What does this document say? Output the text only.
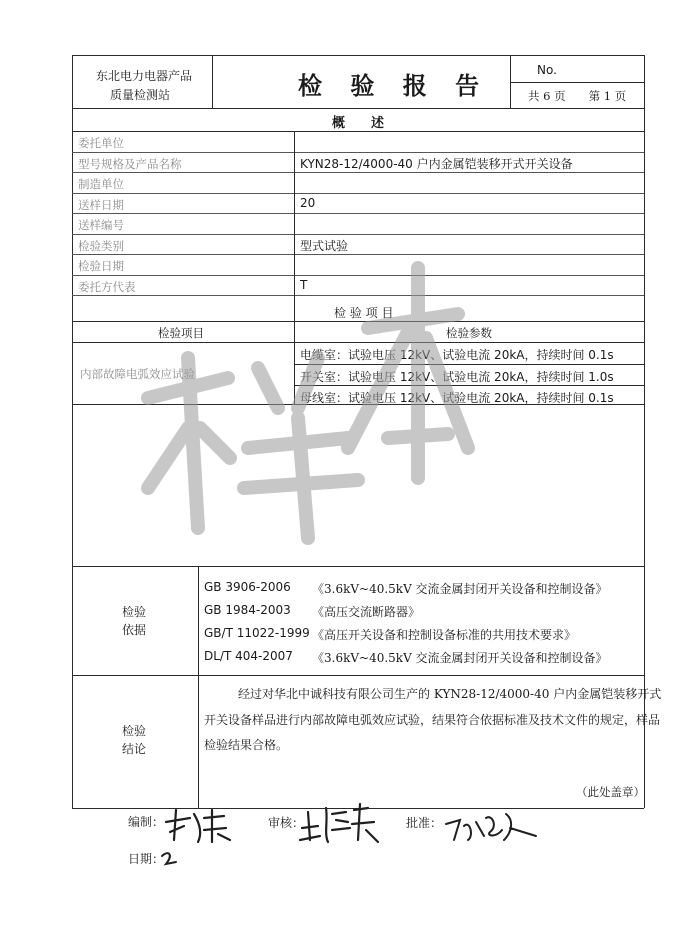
东北电力电器产品
质量检测站	检 验 报 告
No.
共 6 页　　第 1 页
概　　述
委托单位
型号规格及产品名称	KYN28-12/4000-40 户内金属铠装移开式开关设备
制造单位
送样日期	20
送样编号
检验类别	型式试验
检验日期
委托方代表	T
检 验 项 目
检验项目	检验参数
内部故障电弧效应试验
电缆室：试验电压 12kV、试验电流 20kA，持续时间 0.1s
开关室：试验电压 12kV、试验电流 20kA，持续时间 1.0s
母线室：试验电压 12kV、试验电流 20kA，持续时间 0.1s
检验
依据
GB 3906-2006 《3.6kV~40.5kV 交流金属封闭开关设备和控制设备》
GB 1984-2003 《高压交流断路器》
GB/T 11022-1999 《高压开关设备和控制设备标准的共用技术要求》
DL/T 404-2007 《3.6kV~40.5kV 交流金属封闭开关设备和控制设备》
检验
结论
经过对华北中诚科技有限公司生产的 KYN28-12/4000-40 户内金属铠装移开式
开关设备样品进行内部故障电弧效应试验，结果符合依据标准及技术文件的规定，样品
检验结果合格。
（此处盖章）
编制：	审核：	批准：
日期：
